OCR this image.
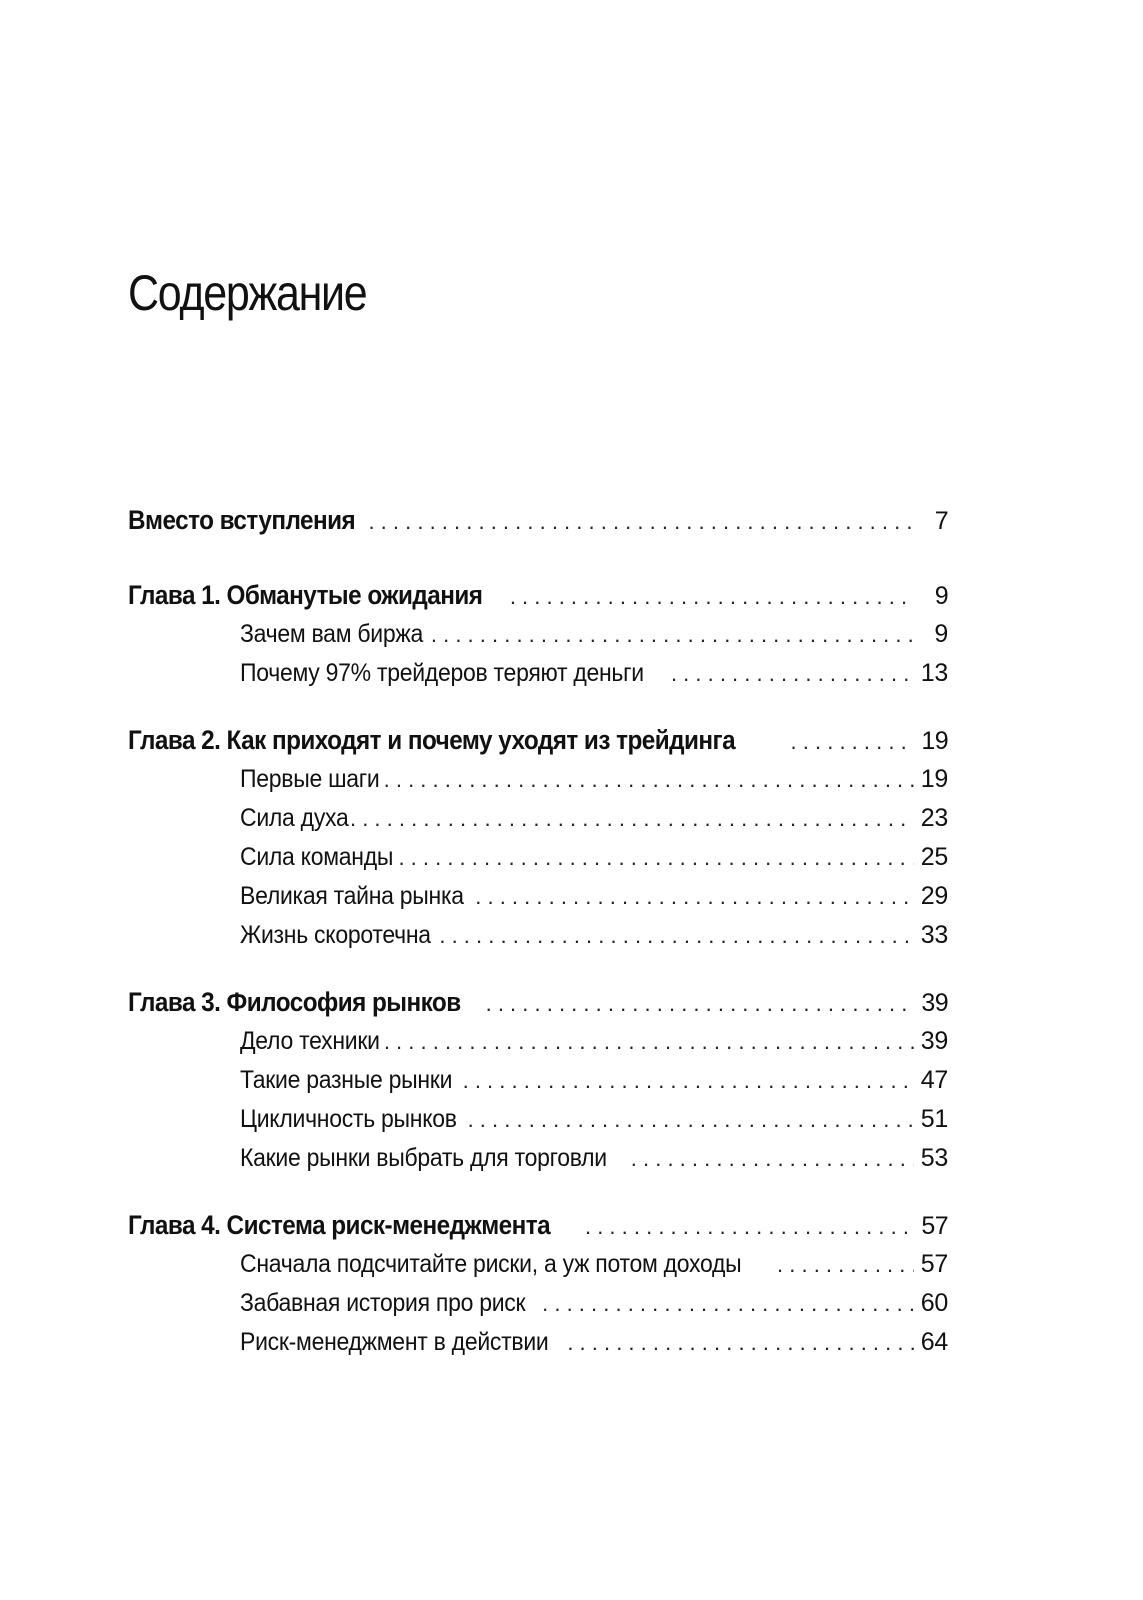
Содержание
Вместо вступления . . .	7
Глава 1. Обманутые ожидания . . .	9
Зачем вам биржа . . .	9
Почему 97% трейдеров теряют деньги . . .	13
Глава 2. Как приходят и почему уходят из трейдинга . . .	19
Первые шаги . . .	19
Сила духа . . .	23
Сила команды . . .	25
Великая тайна рынка . . .	29
Жизнь скоротечна . . .	33
Глава 3. Философия рынков . . .	39
Дело техники . . .	39
Такие разные рынки . . .	47
Цикличность рынков . . .	51
Какие рынки выбрать для торговли . . .	53
Глава 4. Система риск-менеджмента . . .	57
Сначала подсчитайте риски, а уж потом доходы . . .	57
Забавная история про риск . . .	60
Риск-менеджмент в действии . . .	64
